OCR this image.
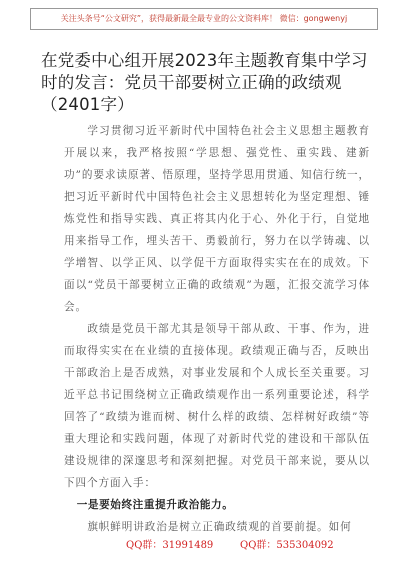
关注头条号“公文研究”，获得最新最全最专业的公文资料库！ 微信：gongwenyj
在党委中心组开展2023年主题教育集中学习时的发言：党员干部要树立正确的政绩观（2401字）

学习贯彻习近平新时代中国特色社会主义思想主题教育开展以来，我严格按照“学思想、强党性、重实践、建新功”的要求读原著、悟原理，坚持学思用贯通、知信行统一，把习近平新时代中国特色社会主义思想转化为坚定理想、锤炼党性和指导实践、真正将其内化于心、外化于行，自觉地用来指导工作，埋头苦干、勇毅前行，努力在以学铸魂、以学增智、以学正风、以学促干方面取得实实在在的成效。下面以“党员干部要树立正确的政绩观”为题，汇报交流学习体会。

政绩是党员干部尤其是领导干部从政、干事、作为，进而取得实实在在业绩的直接体现。政绩观正确与否，反映出干部政治上是否成熟，对事业发展和个人成长至关重要。习近平总书记围绕树立正确政绩观作出一系列重要论述，科学回答了“政绩为谁而树、树什么样的政绩、怎样树好政绩”等重大理论和实践问题，体现了对新时代党的建设和干部队伍建设规律的深邃思考和深刻把握。对党员干部来说，要从以下四个方面入手：

一是要始终注重提升政治能力。

旗帜鲜明讲政治是树立正确政绩观的首要前提。如何

QQ群：31991489	QQ群：535304092
